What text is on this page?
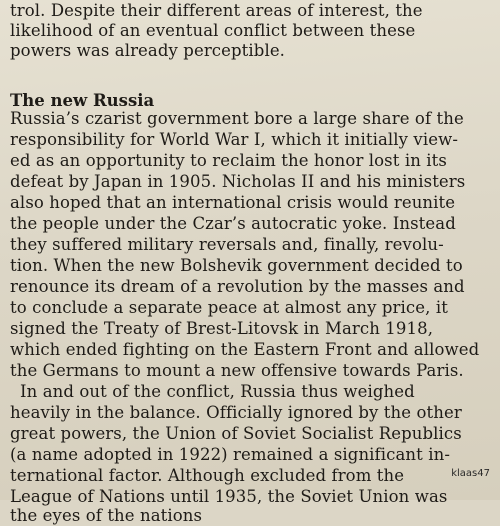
trol. Despite their different areas of interest, the
likelihood of an eventual conflict between these
powers was already perceptible.
The new Russia
Russia’s czarist government bore a large share of the
responsibility for World War I, which it initially view-
ed as an opportunity to reclaim the honor lost in its
defeat by Japan in 1905. Nicholas II and his ministers
also hoped that an international crisis would reunite
the people under the Czar’s autocratic yoke. Instead
they suffered military reversals and, finally, revolu-
tion. When the new Bolshevik government decided to
renounce its dream of a revolution by the masses and
to conclude a separate peace at almost any price, it
signed the Treaty of Brest-Litovsk in March 1918,
which ended fighting on the Eastern Front and allowed
the Germans to mount a new offensive towards Paris.
In and out of the conflict, Russia thus weighed
heavily in the balance. Officially ignored by the other
great powers, the Union of Soviet Socialist Republics
(a name adopted in 1922) remained a significant in-
ternational factor. Although excluded from the
League of Nations until 1935, the Soviet Union was
the eyes of the nations
klaas47
